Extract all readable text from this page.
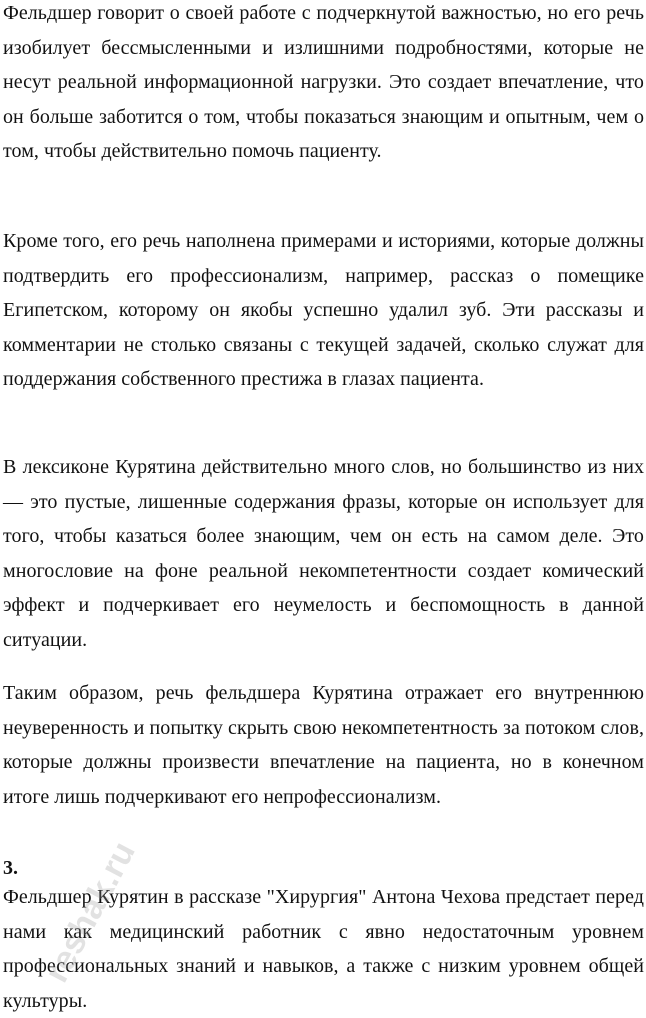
Фельдшер говорит о своей работе с подчеркнутой важностью, но его речь изобилует бессмысленными и излишними подробностями, которые не несут реальной информационной нагрузки. Это создает впечатление, что он больше заботится о том, чтобы показаться знающим и опытным, чем о том, чтобы действительно помочь пациенту.

Кроме того, его речь наполнена примерами и историями, которые должны подтвердить его профессионализм, например, рассказ о помещике Египетском, которому он якобы успешно удалил зуб. Эти рассказы и комментарии не столько связаны с текущей задачей, сколько служат для поддержания собственного престижа в глазах пациента.

В лексиконе Курятина действительно много слов, но большинство из них — это пустые, лишенные содержания фразы, которые он использует для того, чтобы казаться более знающим, чем он есть на самом деле. Это многословие на фоне реальной некомпетентности создает комический эффект и подчеркивает его неумелость и беспомощность в данной ситуации.

Таким образом, речь фельдшера Курятина отражает его внутреннюю неуверенность и попытку скрыть свою некомпетентность за потоком слов, которые должны произвести впечатление на пациента, но в конечном итоге лишь подчеркивают его непрофессионализм.

3.

Фельдшер Курятин в рассказе "Хирургия" Антона Чехова предстает перед нами как медицинский работник с явно недостаточным уровнем профессиональных знаний и навыков, а также с низким уровнем общей культуры.

reshak.ru
